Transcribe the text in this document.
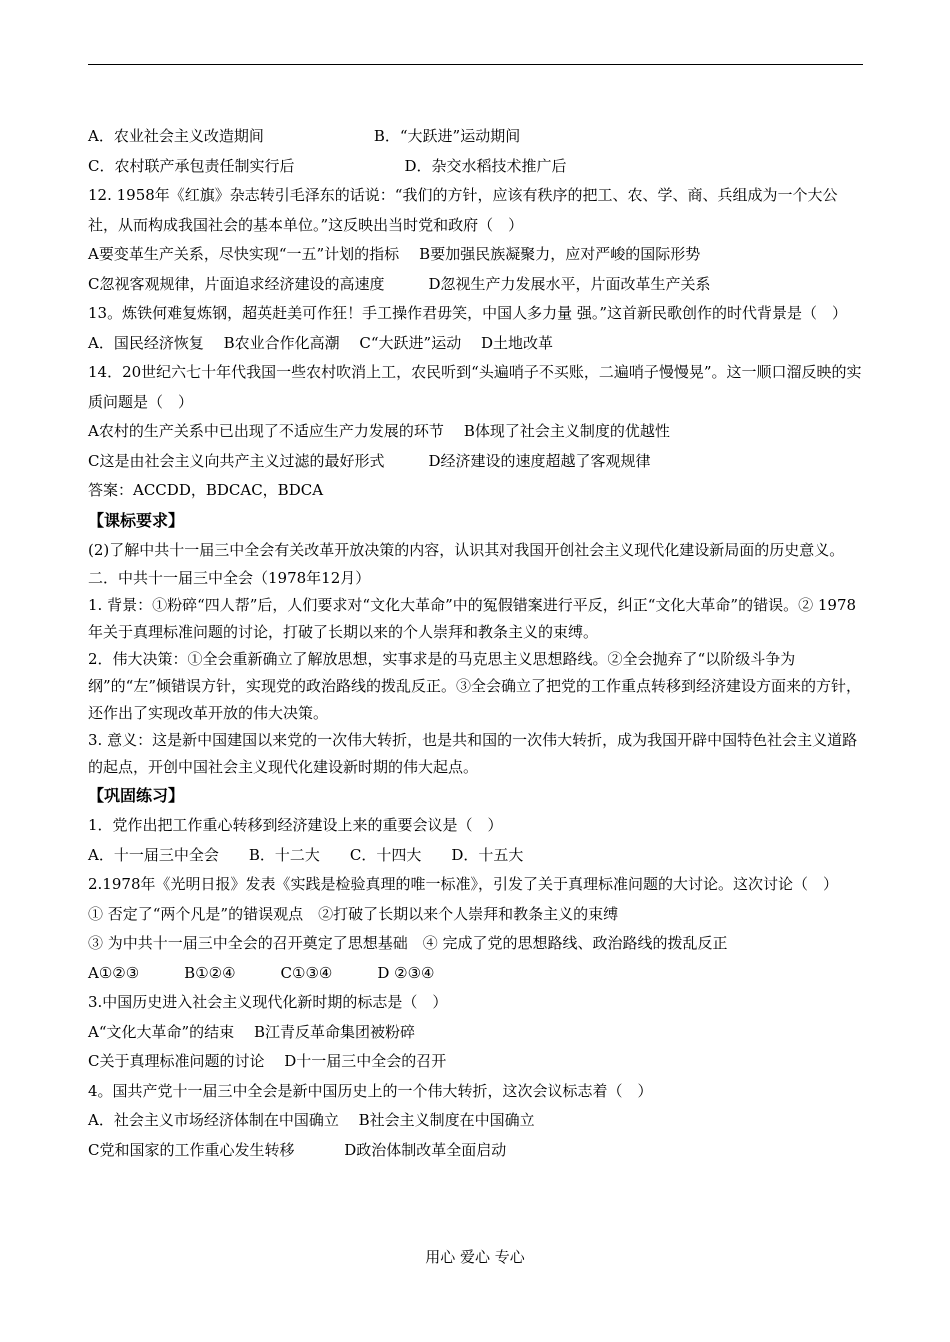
A．农业社会主义改造期间	B．“大跃进”运动期间
C．农村联产承包责任制实行后	D．杂交水稻技术推广后
12. 1958年《红旗》杂志转引毛泽东的话说：“我们的方针，应该有秩序的把工、农、学、商、兵组成为一个大公社，从而构成我国社会的基本单位。”这反映出当时党和政府（　）
A要变革生产关系，尽快实现“一五”计划的指标 B要加强民族凝聚力，应对严峻的国际形势
C忽视客观规律，片面追求经济建设的高速度	D忽视生产力发展水平，片面改革生产关系
13。炼铁何难复炼钢，超英赶美可作狂！手工操作君毋笑，中国人多力量 强。”这首新民歌创作的时代背景是（　）
A．国民经济恢复　 B农业合作化高潮　 C“大跃进”运动　 D土地改革
14．20世纪六七十年代我国一些农村吹消上工，农民听到“头遍哨子不买账，二遍哨子慢慢晃”。这一顺口溜反映的实质问题是（　）
A农村的生产关系中已出现了不适应生产力发展的环节 B体现了社会主义制度的优越性
C这是由社会主义向共产主义过滤的最好形式	D经济建设的速度超越了客观规律
答案：ACCDD，BDCAC，BDCA
【课标要求】
(2)了解中共十一届三中全会有关改革开放决策的内容，认识其对我国开创社会主义现代化建设新局面的历史意义。
二．中共十一届三中全会（1978年12月）
1. 背景：①粉碎“四人帮”后，人们要求对“文化大革命”中的冤假错案进行平反，纠正“文化大革命”的错误。② 1978年关于真理标准问题的讨论，打破了长期以来的个人崇拜和教条主义的束缚。
2．伟大决策：①全会重新确立了解放思想，实事求是的马克思主义思想路线。②全会抛弃了“以阶级斗争为纲”的“左”倾错误方针，实现党的政治路线的拨乱反正。③全会确立了把党的工作重点转移到经济建设方面来的方针，还作出了实现改革开放的伟大决策。
3. 意义：这是新中国建国以来党的一次伟大转折，也是共和国的一次伟大转折，成为我国开辟中国特色社会主义道路的起点，开创中国社会主义现代化建设新时期的伟大起点。
【巩固练习】
1．党作出把工作重心转移到经济建设上来的重要会议是（　）
A．十一届三中全会　　B．十二大　　C．十四大　　D．十五大
2.1978年《光明日报》发表《实践是检验真理的唯一标准》，引发了关于真理标准问题的大讨论。这次讨论（　）
① 否定了“两个凡是”的错误观点　②打破了长期以来个人崇拜和教条主义的束缚
③ 为中共十一届三中全会的召开奠定了思想基础　④ 完成了党的思想路线、政治路线的拨乱反正
A①②③　　　B①②④　　　C①③④　　　D ②③④
3.中国历史进入社会主义现代化新时期的标志是（　）
A“文化大革命”的结束　 B江青反革命集团被粉碎
C关于真理标准问题的讨论　 D十一届三中全会的召开
4。国共产党十一届三中全会是新中国历史上的一个伟大转折，这次会议标志着（　）
A．社会主义市场经济体制在中国确立　 B社会主义制度在中国确立
C党和国家的工作重心发生转移　　　 D政治体制改革全面启动
用心 爱心 专心
